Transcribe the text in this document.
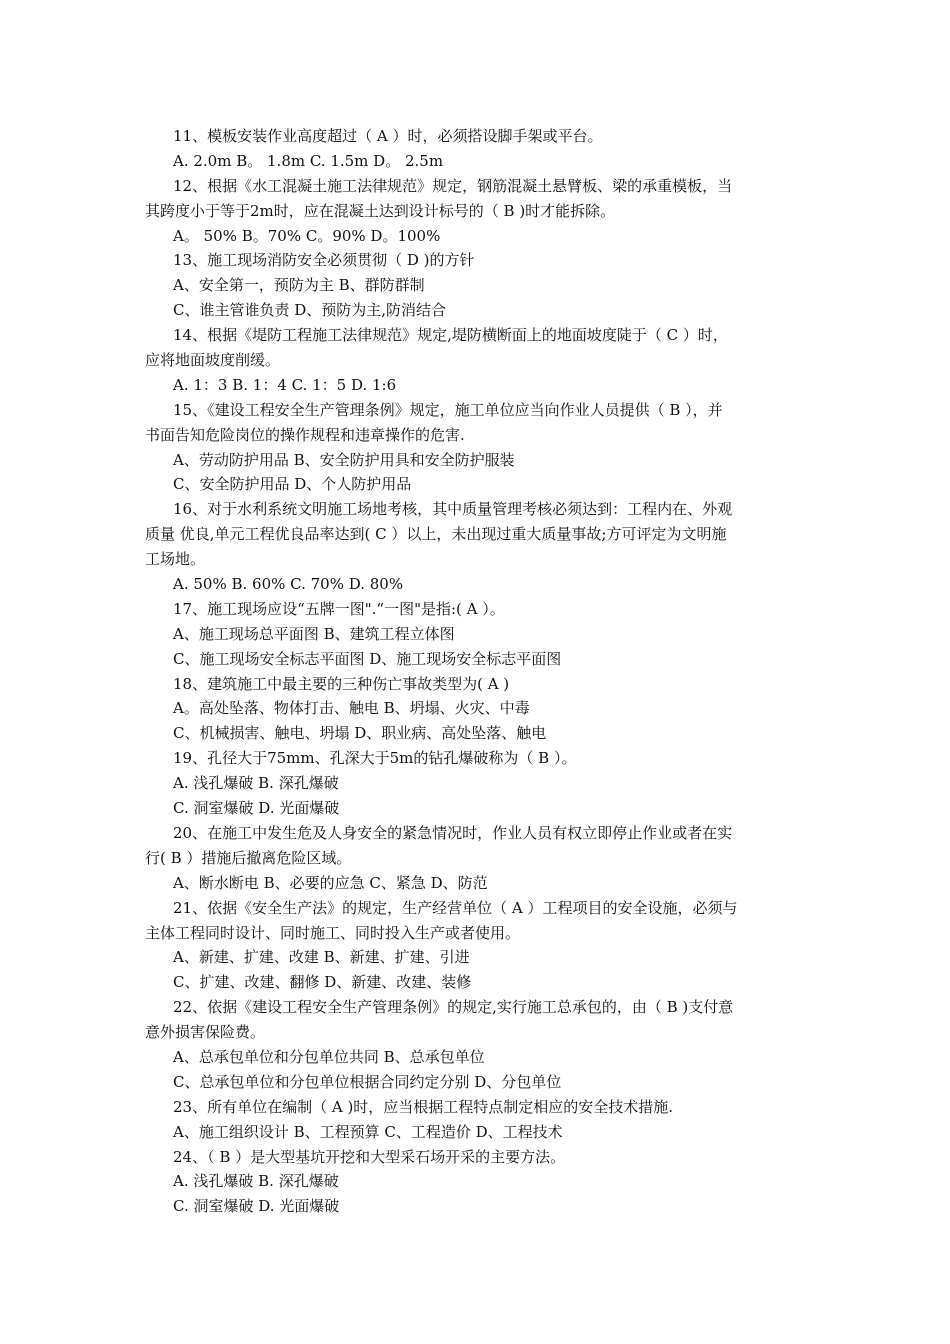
11、模板安装作业高度超过（ A ）时，必须搭设脚手架或平台。

A. 2.0m B。 1.8m C. 1.5m D。 2.5m

12、根据《水工混凝土施工法律规范》规定，钢筋混凝土悬臂板、梁的承重模板，当

其跨度小于等于2m时，应在混凝土达到设计标号的（ B )时才能拆除。

A。 50% B。70% C。90% D。100%

13、施工现场消防安全必须贯彻（ D )的方针

A、安全第一，预防为主 B、群防群制

C、谁主管谁负责 D、预防为主,防消结合

14、根据《堤防工程施工法律规范》规定,堤防横断面上的地面坡度陡于（ C ）时，

应将地面坡度削缓。

A. 1：3 B. 1：4 C. 1：5 D. 1:6

15、《建设工程安全生产管理条例》规定，施工单位应当向作业人员提供（ B ），并

书面告知危险岗位的操作规程和违章操作的危害.

A、劳动防护用品 B、安全防护用具和安全防护服装

C、安全防护用品 D、个人防护用品

16、对于水利系统文明施工场地考核，其中质量管理考核必须达到：工程内在、外观

质量 优良,单元工程优良品率达到( C ）以上，未出现过重大质量事故;方可评定为文明施

工场地。

A. 50% B. 60% C. 70% D. 80%

17、施工现场应设“五牌一图".“一图"是指:( A ）。

A、施工现场总平面图 B、建筑工程立体图

C、施工现场安全标志平面图 D、施工现场安全标志平面图

18、建筑施工中最主要的三种伤亡事故类型为( A )

A。高处坠落、物体打击、触电 B、坍塌、火灾、中毒

C、机械损害、触电、坍塌 D、职业病、高处坠落、触电

19、孔径大于75mm、孔深大于5m的钻孔爆破称为（ B ）。

A. 浅孔爆破 B. 深孔爆破

C. 洞室爆破 D. 光面爆破

20、在施工中发生危及人身安全的紧急情况时，作业人员有权立即停止作业或者在实

行( B ）措施后撤离危险区域。

A、断水断电 B、必要的应急 C、紧急 D、防范

21、依据《安全生产法》的规定，生产经营单位（ A ）工程项目的安全设施，必须与

主体工程同时设计、同时施工、同时投入生产或者使用。

A、新建、扩建、改建 B、新建、扩建、引进

C、扩建、改建、翻修 D、新建、改建、装修

22、依据《建设工程安全生产管理条例》的规定,实行施工总承包的，由（ B )支付意

意外损害保险费。

A、总承包单位和分包单位共同 B、总承包单位

C、总承包单位和分包单位根据合同约定分别 D、分包单位

23、所有单位在编制（ A )时，应当根据工程特点制定相应的安全技术措施.

A、施工组织设计 B、工程预算 C、工程造价 D、工程技术

24、（ B ）是大型基坑开挖和大型采石场开采的主要方法。

A. 浅孔爆破 B. 深孔爆破

C. 洞室爆破 D. 光面爆破
